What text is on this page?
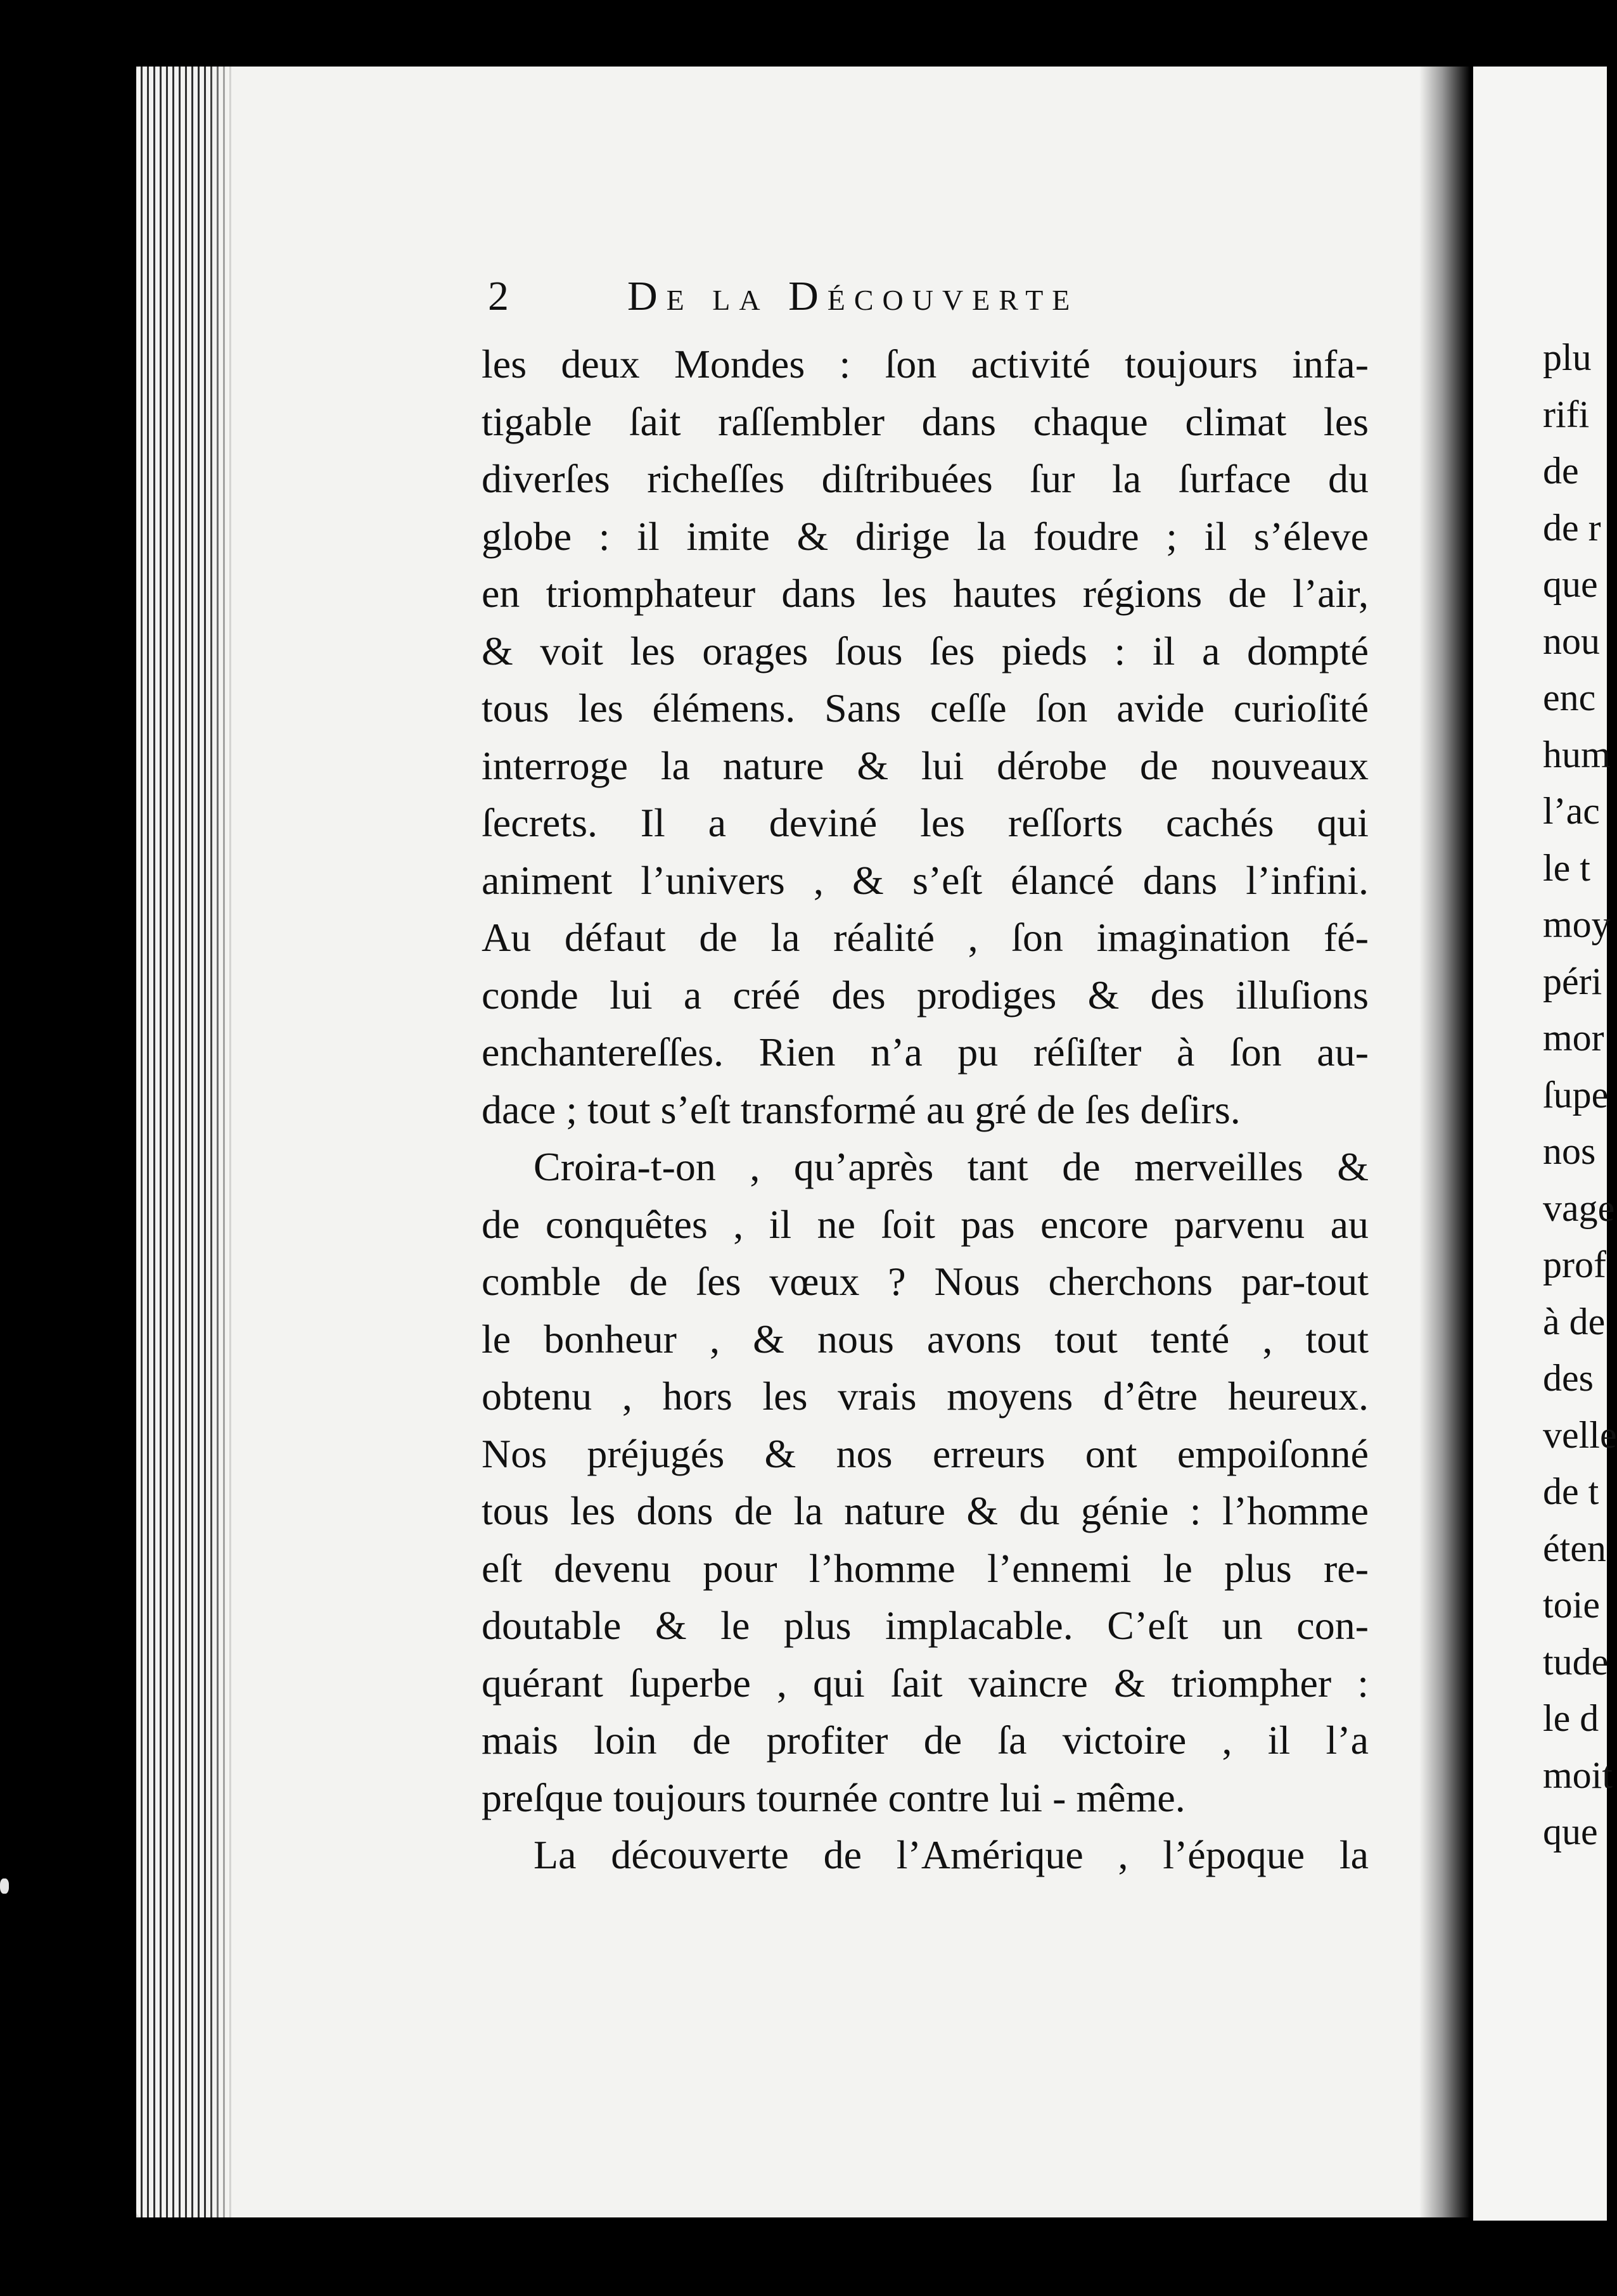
2	De la Découverte
les deux Mondes : ſon activité toujours infa-
tigable ſait raſſembler dans chaque climat les
diverſes richeſſes diſtribuées ſur la ſurface du
globe : il imite & dirige la foudre ; il s’éleve
en triomphateur dans les hautes régions de l’air,
& voit les orages ſous ſes pieds : il a dompté
tous les élémens. Sans ceſſe ſon avide curioſité
interroge la nature & lui dérobe de nouveaux
ſecrets. Il a deviné les reſſorts cachés qui
animent l’univers , & s’eſt élancé dans l’infini.
Au défaut de la réalité , ſon imagination fé-
conde lui a créé des prodiges & des illuſions
enchantereſſes. Rien n’a pu réſiſter à ſon au-
dace ; tout s’eſt transformé au gré de ſes deſirs.
Croira-t-on , qu’après tant de merveilles &
de conquêtes , il ne ſoit pas encore parvenu au
comble de ſes vœux ? Nous cherchons par-tout
le bonheur , & nous avons tout tenté , tout
obtenu , hors les vrais moyens d’être heureux.
Nos préjugés & nos erreurs ont empoiſonné
tous les dons de la nature & du génie : l’homme
eſt devenu pour l’homme l’ennemi le plus re-
doutable & le plus implacable. C’eſt un con-
quérant ſuperbe , qui ſait vaincre & triompher :
mais loin de profiter de ſa victoire , il l’a
preſque toujours tournée contre lui - même.
La découverte de l’Amérique , l’époque la
plu
rifi
de
de r
que
nou
enc
hum
l’ac
le t
moy
péri
mor
ſupe
nos
vage
prof
à de
des
velle
de t
éten
toie
tude
le d
moit
que
